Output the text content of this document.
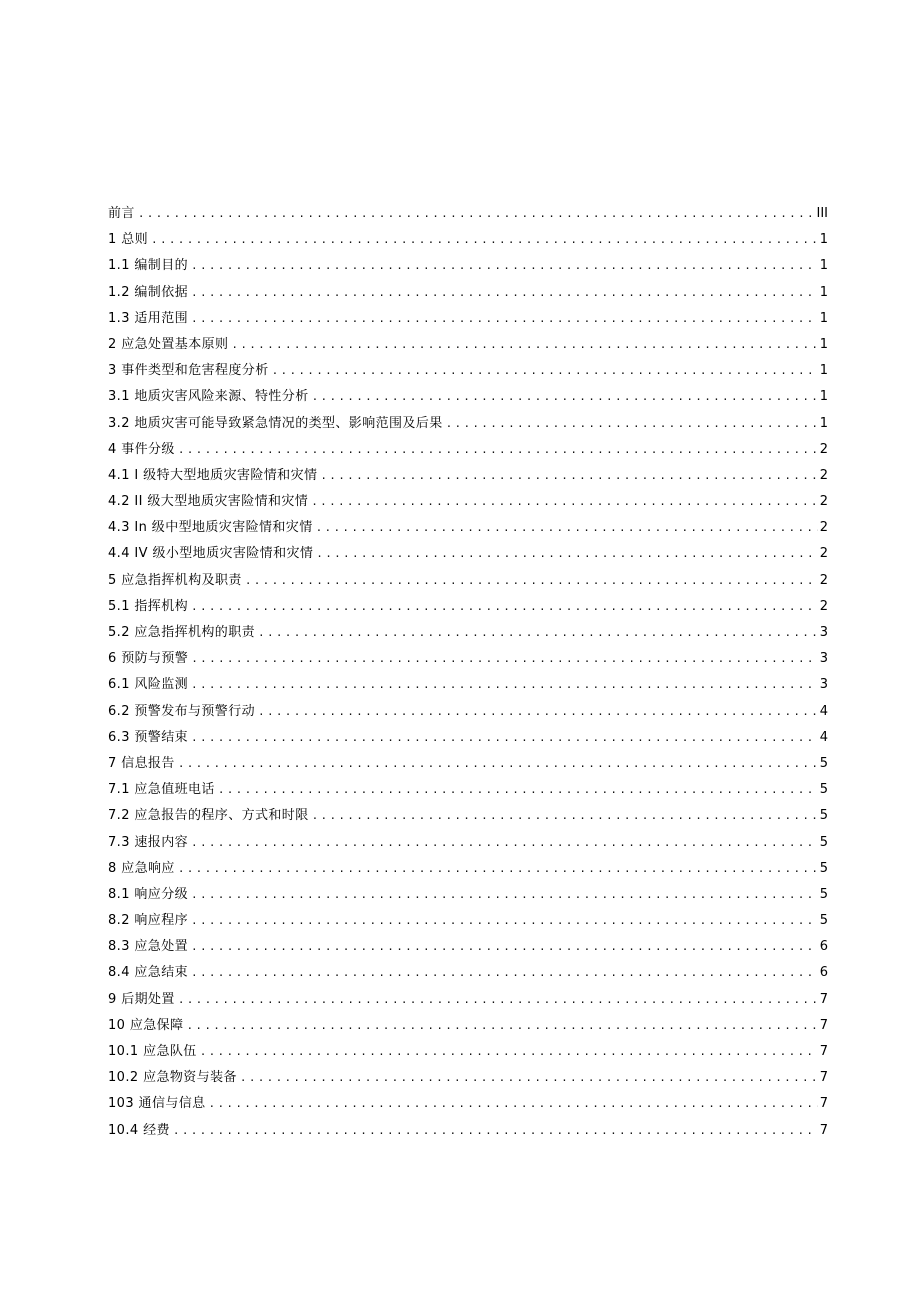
前言 .....	III
1 总则 .....	1
1.1 编制目的 .....	1
1.2 编制依据 .....	1
1.3 适用范围 .....	1
2 应急处置基本原则 .....	1
3 事件类型和危害程度分析 .....	1
3.1 地质灾害风险来源、特性分析 .....	1
3.2 地质灾害可能导致紧急情况的类型、影响范围及后果 .....	1
4 事件分级 .....	2
4.1 I 级特大型地质灾害险情和灾情 .....	2
4.2 II 级大型地质灾害险情和灾情 .....	2
4.3 In 级中型地质灾害险情和灾情 .....	2
4.4 IV 级小型地质灾害险情和灾情 .....	2
5 应急指挥机构及职责 .....	2
5.1 指挥机构 .....	2
5.2 应急指挥机构的职责 .....	3
6 预防与预警 .....	3
6.1 风险监测 .....	3
6.2 预警发布与预警行动 .....	4
6.3 预警结束 .....	4
7 信息报告 .....	5
7.1 应急值班电话 .....	5
7.2 应急报告的程序、方式和时限 .....	5
7.3 速报内容 .....	5
8 应急响应 .....	5
8.1 响应分级 .....	5
8.2 响应程序 .....	5
8.3 应急处置 .....	6
8.4 应急结束 .....	6
9 后期处置 .....	7
10 应急保障 .....	7
10.1 应急队伍 .....	7
10.2 应急物资与装备 .....	7
103 通信与信息 .....	7
10.4 经费 .....	7
